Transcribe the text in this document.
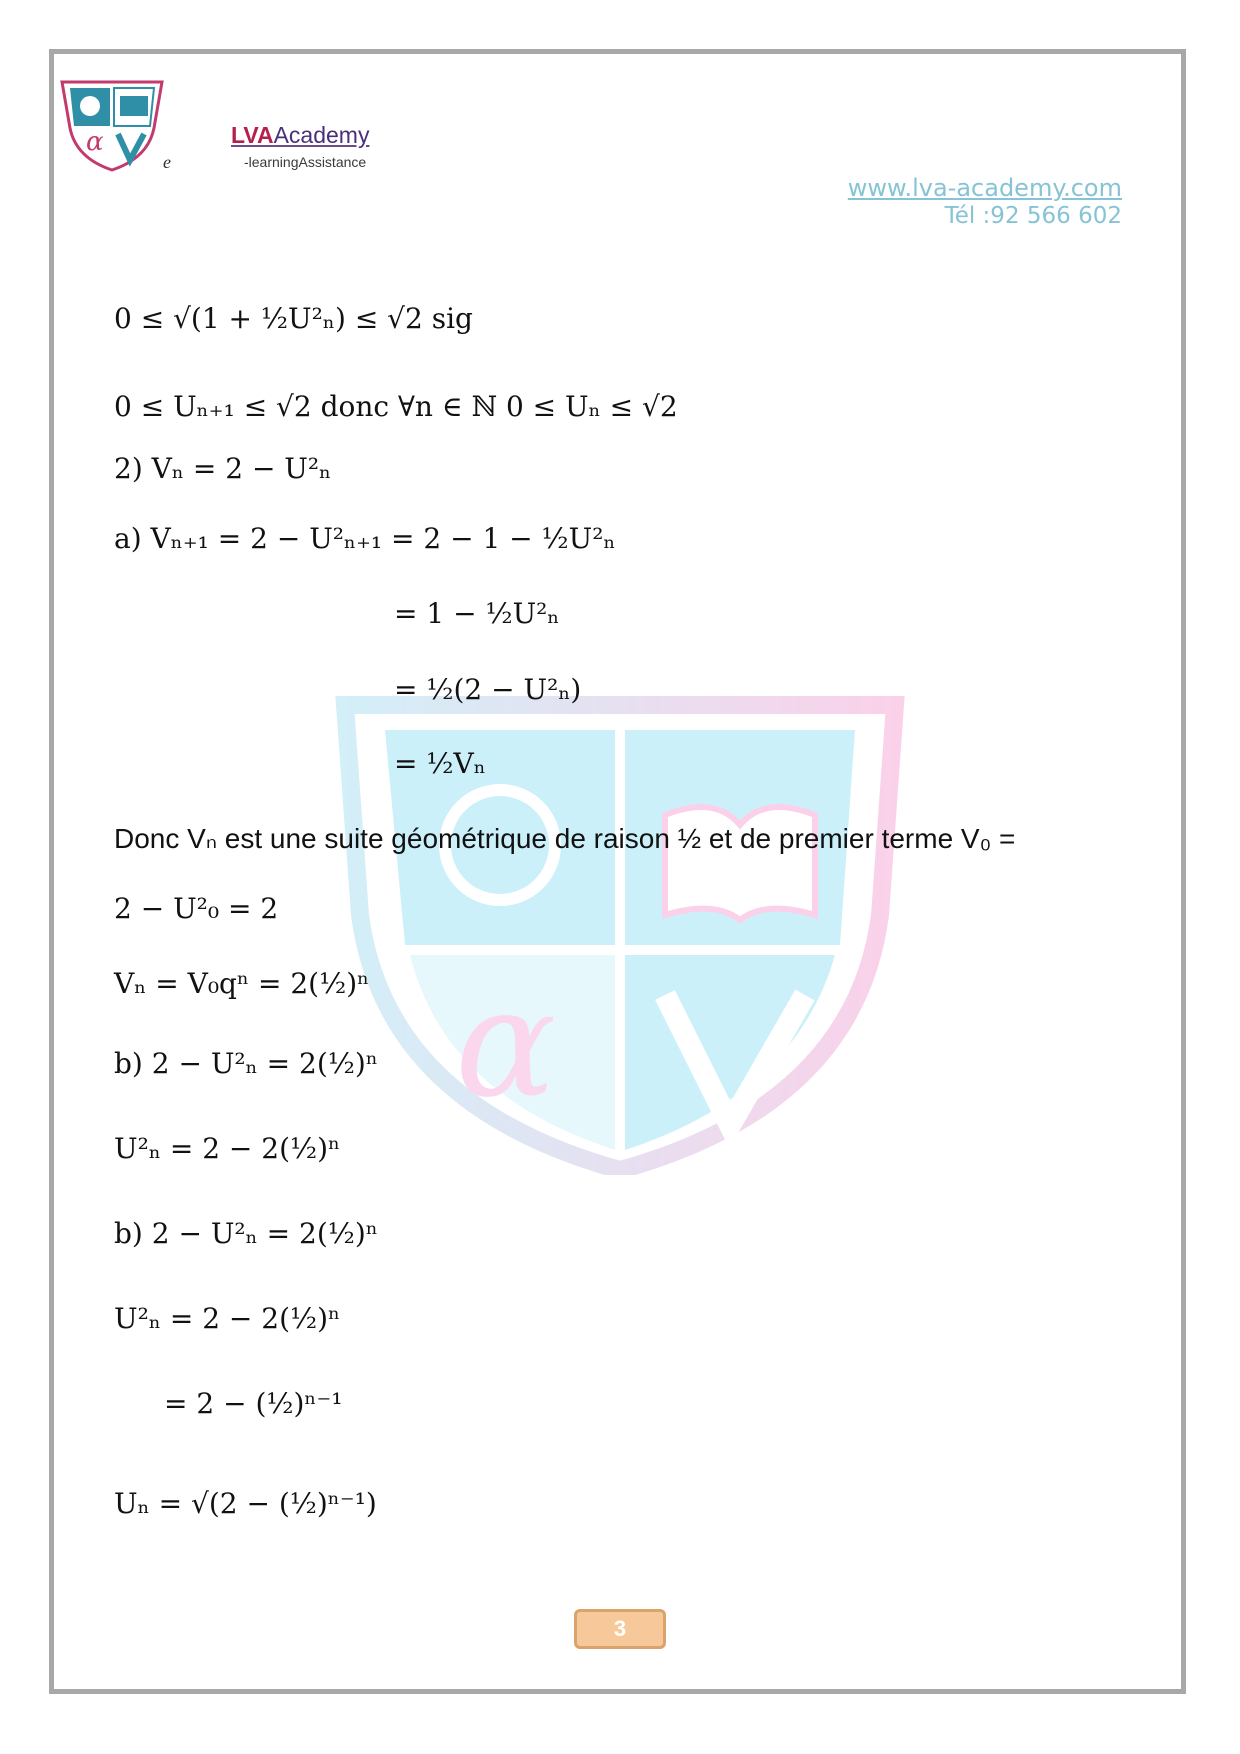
α
e
LVAAcademy
-learningAssistance
www.lva-academy.com
Tél :92 566 602
α
0 ≤ √(1 + ½U²ₙ) ≤ √2 sig
0 ≤ Uₙ₊₁ ≤ √2 donc ∀n ∈ ℕ 0 ≤ Uₙ ≤ √2
2) Vₙ = 2 − U²ₙ
a) Vₙ₊₁ = 2 − U²ₙ₊₁ = 2 − 1 − ½U²ₙ
= 1 − ½U²ₙ
= ½(2 − U²ₙ)
= ½Vₙ
Donc Vₙ est une suite géométrique de raison ½ et de premier terme V₀ =
2 − U²₀ = 2
Vₙ = V₀qⁿ = 2(½)ⁿ
b) 2 − U²ₙ = 2(½)ⁿ
U²ₙ = 2 − 2(½)ⁿ
b) 2 − U²ₙ = 2(½)ⁿ
U²ₙ = 2 − 2(½)ⁿ
= 2 − (½)ⁿ⁻¹
Uₙ = √(2 − (½)ⁿ⁻¹)
3
